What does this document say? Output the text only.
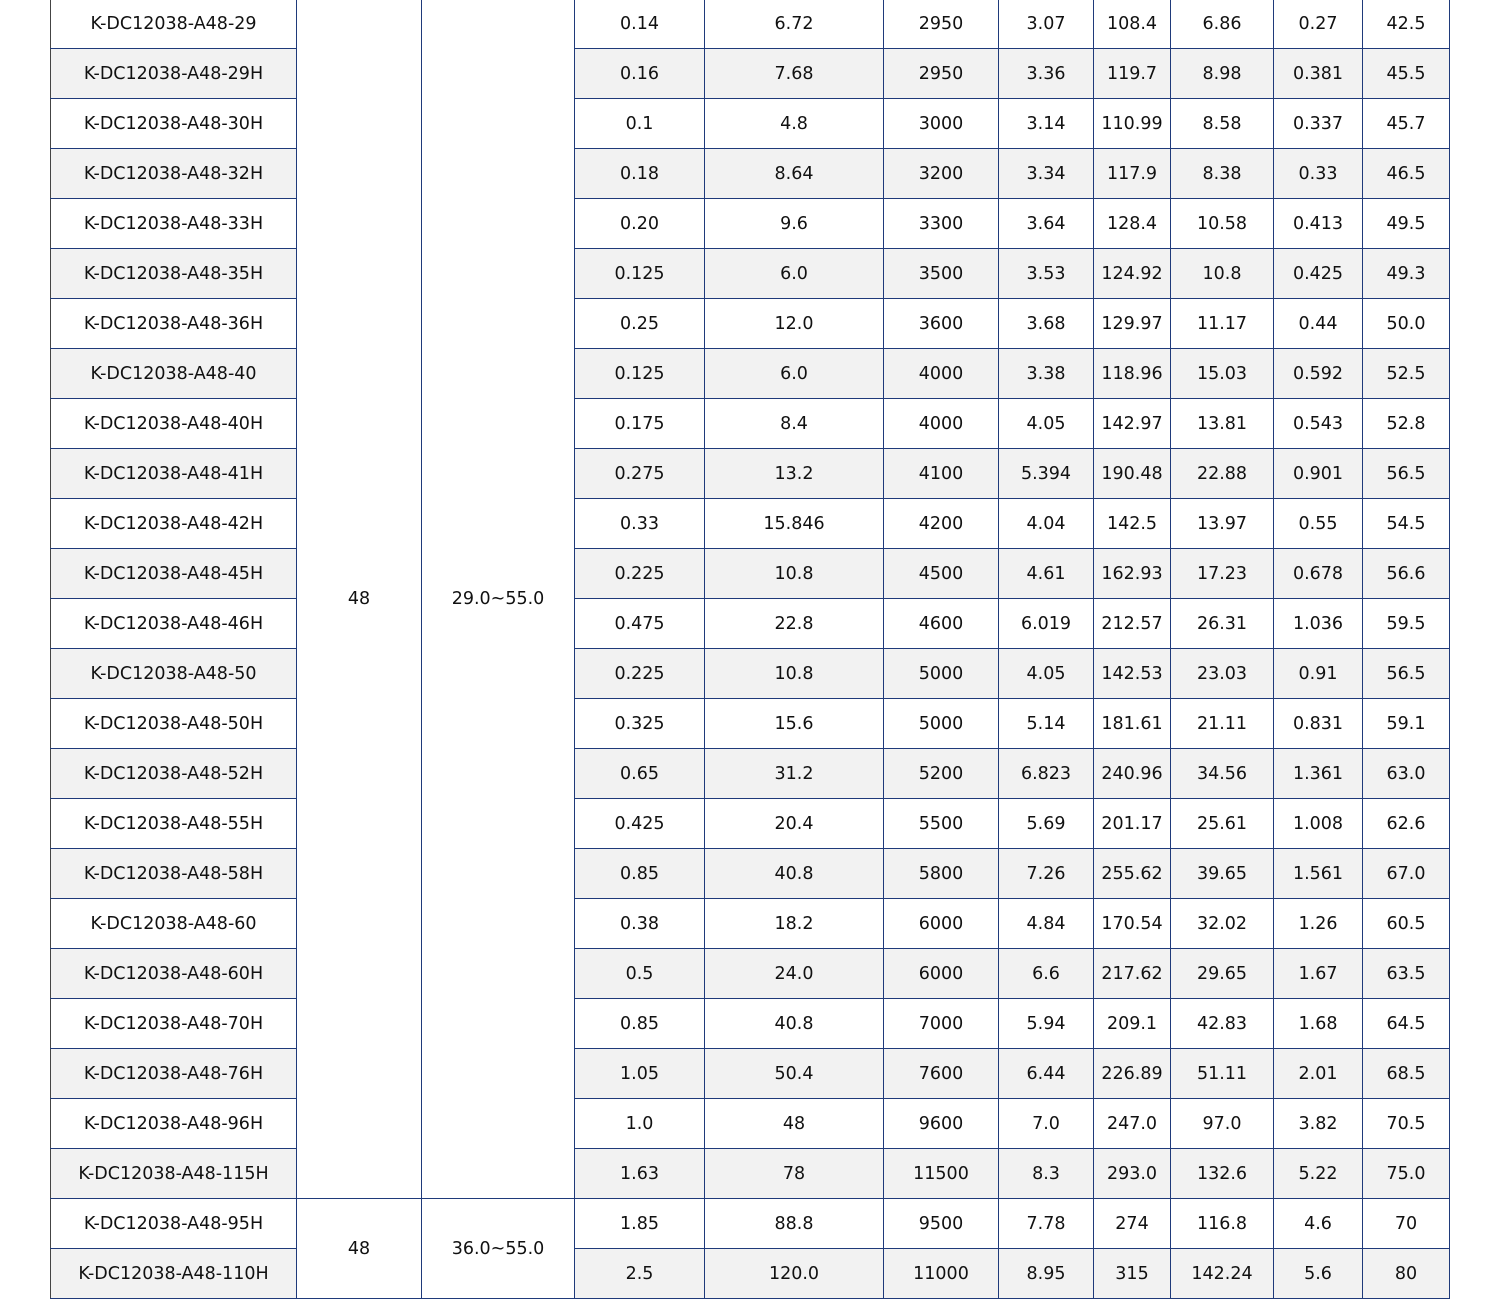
K-DC12038-A48-29	48	29.0~55.0	0.14	6.72	2950	3.07	108.4	6.86	0.27	42.5
K-DC12038-A48-29H			0.16	7.68	2950	3.36	119.7	8.98	0.381	45.5
K-DC12038-A48-30H			0.1	4.8	3000	3.14	110.99	8.58	0.337	45.7
K-DC12038-A48-32H			0.18	8.64	3200	3.34	117.9	8.38	0.33	46.5
K-DC12038-A48-33H			0.20	9.6	3300	3.64	128.4	10.58	0.413	49.5
K-DC12038-A48-35H			0.125	6.0	3500	3.53	124.92	10.8	0.425	49.3
K-DC12038-A48-36H			0.25	12.0	3600	3.68	129.97	11.17	0.44	50.0
K-DC12038-A48-40			0.125	6.0	4000	3.38	118.96	15.03	0.592	52.5
K-DC12038-A48-40H			0.175	8.4	4000	4.05	142.97	13.81	0.543	52.8
K-DC12038-A48-41H			0.275	13.2	4100	5.394	190.48	22.88	0.901	56.5
K-DC12038-A48-42H			0.33	15.846	4200	4.04	142.5	13.97	0.55	54.5
K-DC12038-A48-45H			0.225	10.8	4500	4.61	162.93	17.23	0.678	56.6
K-DC12038-A48-46H			0.475	22.8	4600	6.019	212.57	26.31	1.036	59.5
K-DC12038-A48-50			0.225	10.8	5000	4.05	142.53	23.03	0.91	56.5
K-DC12038-A48-50H			0.325	15.6	5000	5.14	181.61	21.11	0.831	59.1
K-DC12038-A48-52H			0.65	31.2	5200	6.823	240.96	34.56	1.361	63.0
K-DC12038-A48-55H			0.425	20.4	5500	5.69	201.17	25.61	1.008	62.6
K-DC12038-A48-58H			0.85	40.8	5800	7.26	255.62	39.65	1.561	67.0
K-DC12038-A48-60			0.38	18.2	6000	4.84	170.54	32.02	1.26	60.5
K-DC12038-A48-60H			0.5	24.0	6000	6.6	217.62	29.65	1.67	63.5
K-DC12038-A48-70H			0.85	40.8	7000	5.94	209.1	42.83	1.68	64.5
K-DC12038-A48-76H			1.05	50.4	7600	6.44	226.89	51.11	2.01	68.5
K-DC12038-A48-96H			1.0	48	9600	7.0	247.0	97.0	3.82	70.5
K-DC12038-A48-115H			1.63	78	11500	8.3	293.0	132.6	5.22	75.0
K-DC12038-A48-95H	48	36.0~55.0	1.85	88.8	9500	7.78	274	116.8	4.6	70
K-DC12038-A48-110H			2.5	120.0	11000	8.95	315	142.24	5.6	80
